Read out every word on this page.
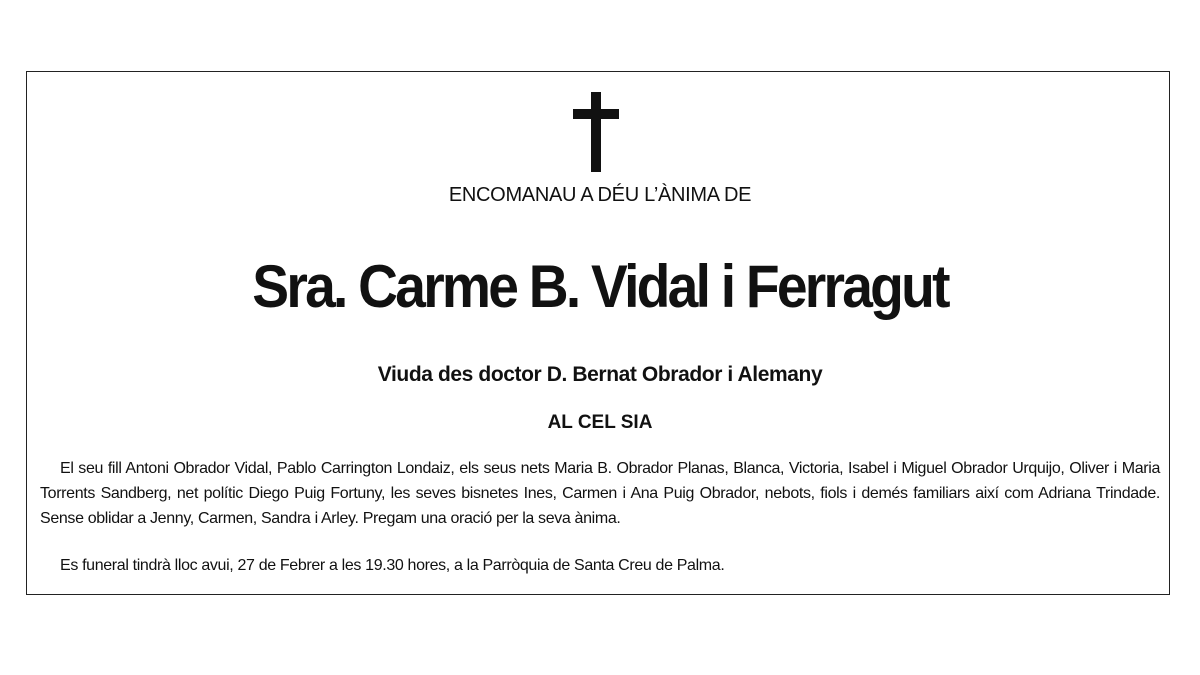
ENCOMANAU A DÉU L’ÀNIMA DE
Sra. Carme B. Vidal i Ferragut
Viuda des doctor D. Bernat Obrador i Alemany
AL CEL SIA

El seu fill Antoni Obrador Vidal, Pablo Carrington Londaiz, els seus nets Maria B. Obrador Planas, Blanca, Victoria, Isabel i Miguel Obrador Urquijo, Oliver i Maria Torrents Sandberg, net polític Diego Puig Fortuny, les seves bisnetes Ines, Carmen i Ana Puig Obrador, nebots, fiols i demés familiars així com Adriana Trindade. Sense oblidar a Jenny, Carmen, Sandra i Arley. Pregam una oració per la seva ànima.

Es funeral tindrà lloc avui, 27 de Febrer a les 19.30 hores, a la Parròquia de Santa Creu de Palma.
